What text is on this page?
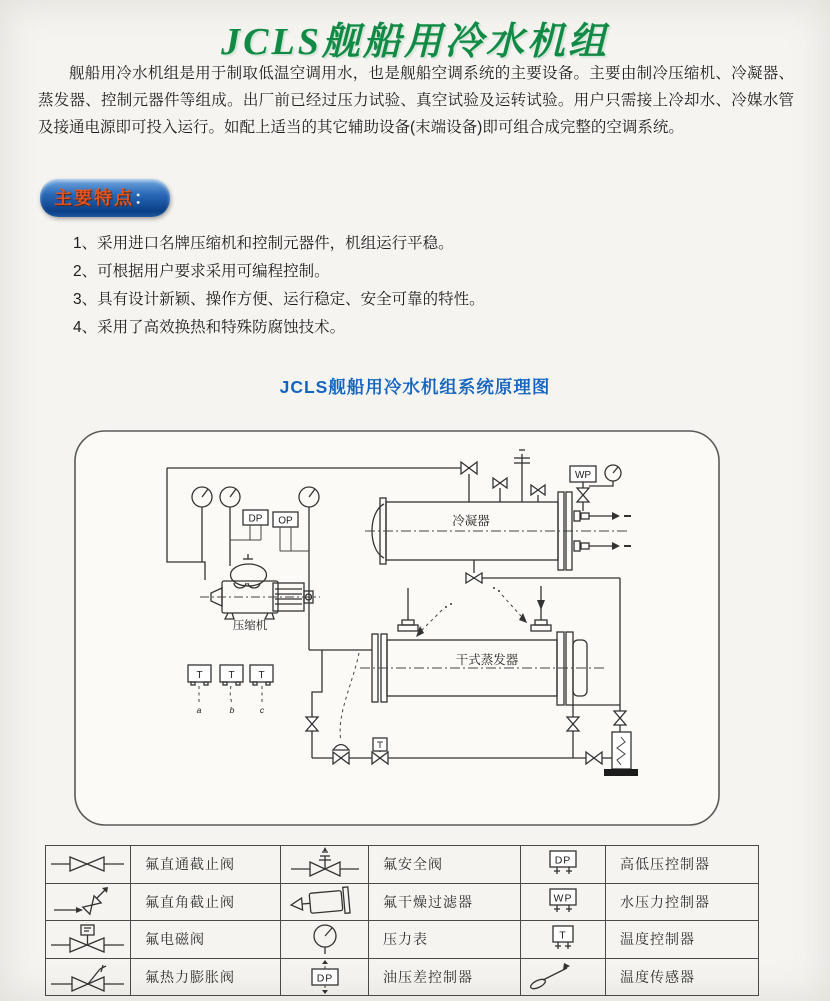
JCLS舰船用冷水机组

舰船用冷水机组是用于制取低温空调用水，也是舰船空调系统的主要设备。主要由制冷压缩机、冷凝器、蒸发器、控制元器件等组成。出厂前已经过压力试验、真空试验及运转试验。用户只需接上冷却水、冷媒水管及接通电源即可投入运行。如配上适当的其它辅助设备(末端设备)即可组合成完整的空调系统。

主要特点：
1、采用进口名牌压缩机和控制元器件，机组运行平稳。
2、可根据用户要求采用可编程控制。
3、具有设计新颖、操作方便、运行稳定、安全可靠的特性。
4、采用了高效换热和特殊防腐蚀技术。
JCLS舰船用冷水机组系统原理图
DP OP
压缩机
冷凝器
WP
干式蒸发器
T	T T
a	b	c
	氟直通截止阀		氟安全阀	DP	高低压控制器

	氟直角截止阀		氟干燥过滤器	WP	水压力控制器

	氟电磁阀		压力表	T	温度控制器

	氟热力膨胀阀	DP	油压差控制器		温度传感器
